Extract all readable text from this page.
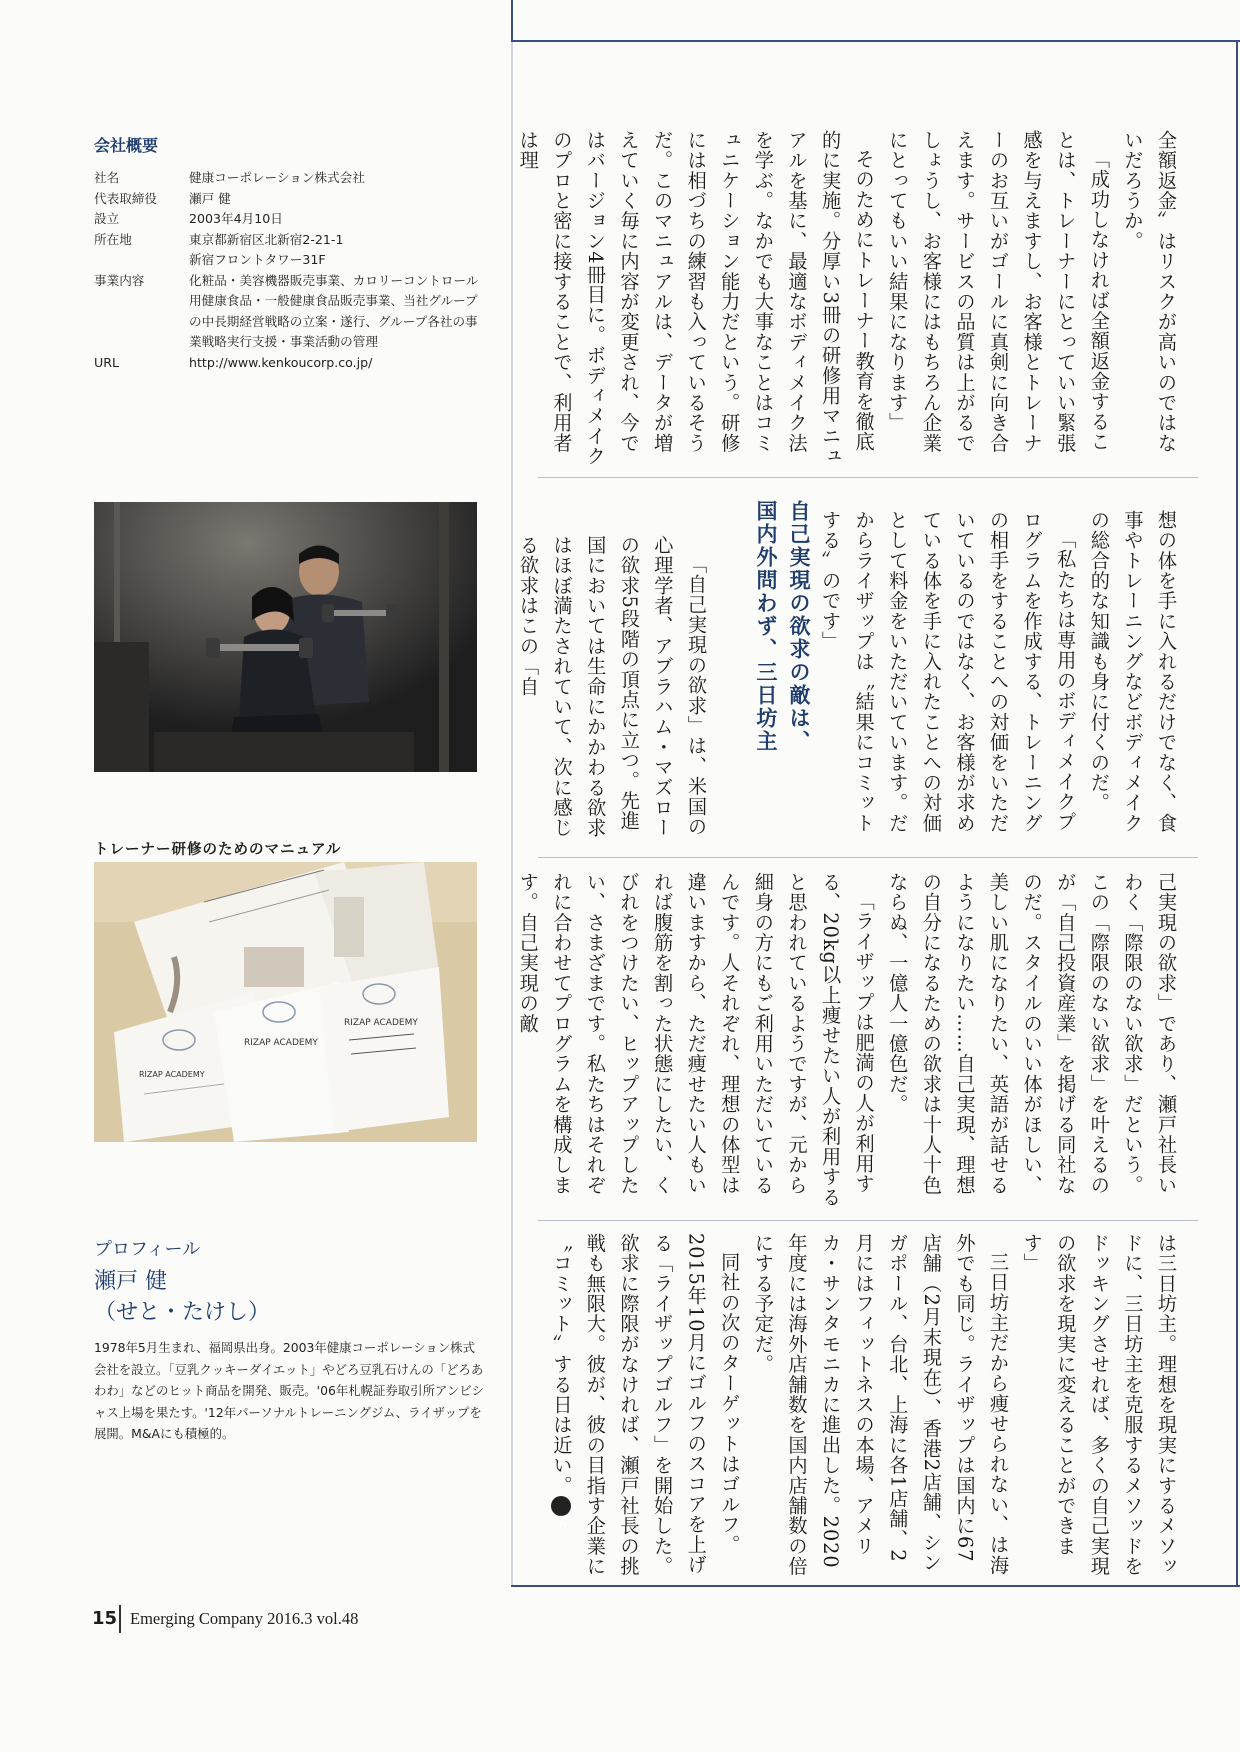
会社概要
社名	健康コーポレーション株式会社
代表取締役	瀬戸 健
設立	2003年4月10日
所在地	東京都新宿区北新宿2-21-1
新宿フロントタワー31F
事業内容	化粧品・美容機器販売事業、カロリーコントロール用健康食品・一般健康食品販売事業、当社グループの中長期経営戦略の立案・遂行、グループ各社の事業戦略実行支援・事業活動の管理
URL	http://www.kenkoucorp.co.jp/
RIZAP ACADEMY
RIZAP ACADEMY
RIZAP ACADEMY
トレーナー研修のためのマニュアル
プロフィール
瀬戸 健
（せと・たけし）
1978年5月生まれ、福岡県出身。2003年健康コーポレーション株式会社を設立。「豆乳クッキーダイエット」やどろ豆乳石けんの「どろあわわ」などのヒット商品を開発、販売。'06年札幌証券取引所アンビシャス上場を果たす。'12年パーソナルトレーニングジム、ライザップを展開。M&Aにも積極的。

全額返金〟はリスクが高いのではないだろうか。

「成功しなければ全額返金することは、トレーナーにとっていい緊張感を与えますし、お客様とトレーナーのお互いがゴールに真剣に向き合えます。サービスの品質は上がるでしょうし、お客様にはもちろん企業にとってもいい結果になります」

そのためにトレーナー教育を徹底的に実施。分厚い3冊の研修用マニュアルを基に、最適なボディメイク法を学ぶ。なかでも大事なことはコミュニケーション能力だという。研修には相づちの練習も入っているそうだ。このマニュアルは、データが増えていく毎に内容が変更され、今ではバージョン4冊目に。ボディメイクのプロと密に接することで、利用者は理

想の体を手に入れるだけでなく、食事やトレーニングなどボディメイクの総合的な知識も身に付くのだ。

「私たちは専用のボディメイクプログラムを作成する、トレーニングの相手をすることへの対価をいただいているのではなく、お客様が求めている体を手に入れたことへの対価として料金をいただいています。だからライザップは〝結果にコミットする〟のです」

自己実現の欲求の敵は、
国内外問わず、三日坊主

「自己実現の欲求」は、米国の心理学者、アブラハム・マズローの欲求5段階の頂点に立つ。先進国においては生命にかかわる欲求はほぼ満たされていて、次に感じる欲求はこの「自

己実現の欲求」であり、瀬戸社長いわく「際限のない欲求」だという。この「際限のない欲求」を叶えるのが「自己投資産業」を掲げる同社なのだ。スタイルのいい体がほしい、美しい肌になりたい、英語が話せるようになりたい……自己実現、理想の自分になるための欲求は十人十色ならぬ、一億人一億色だ。

「ライザップは肥満の人が利用する、20kg以上痩せたい人が利用すると思われているようですが、元から細身の方にもご利用いただいているんです。人それぞれ、理想の体型は違いますから、ただ痩せたい人もいれば腹筋を割った状態にしたい、くびれをつけたい、ヒップアップしたい、さまざまです。私たちはそれぞれに合わせてプログラムを構成します。自己実現の敵

は三日坊主。理想を現実にするメソッドに、三日坊主を克服するメソッドをドッキングさせれば、多くの自己実現の欲求を現実に変えることができます」

三日坊主だから痩せられない、は海外でも同じ。ライザップは国内に67店舗（2月末現在）、香港2店舗、シンガポール、台北、上海に各1店舗、2月にはフィットネスの本場、アメリカ・サンタモニカに進出した。2020年度には海外店舗数を国内店舗数の倍にする予定だ。

同社の次のターゲットはゴルフ。2015年10月にゴルフのスコアを上げる「ライザップゴルフ」を開始した。欲求に際限がなければ、瀬戸社長の挑戦も無限大。彼が、彼の目指す企業に〝コミット〟する日は近い。EC

15 Emerging Company 2016.3 vol.48
